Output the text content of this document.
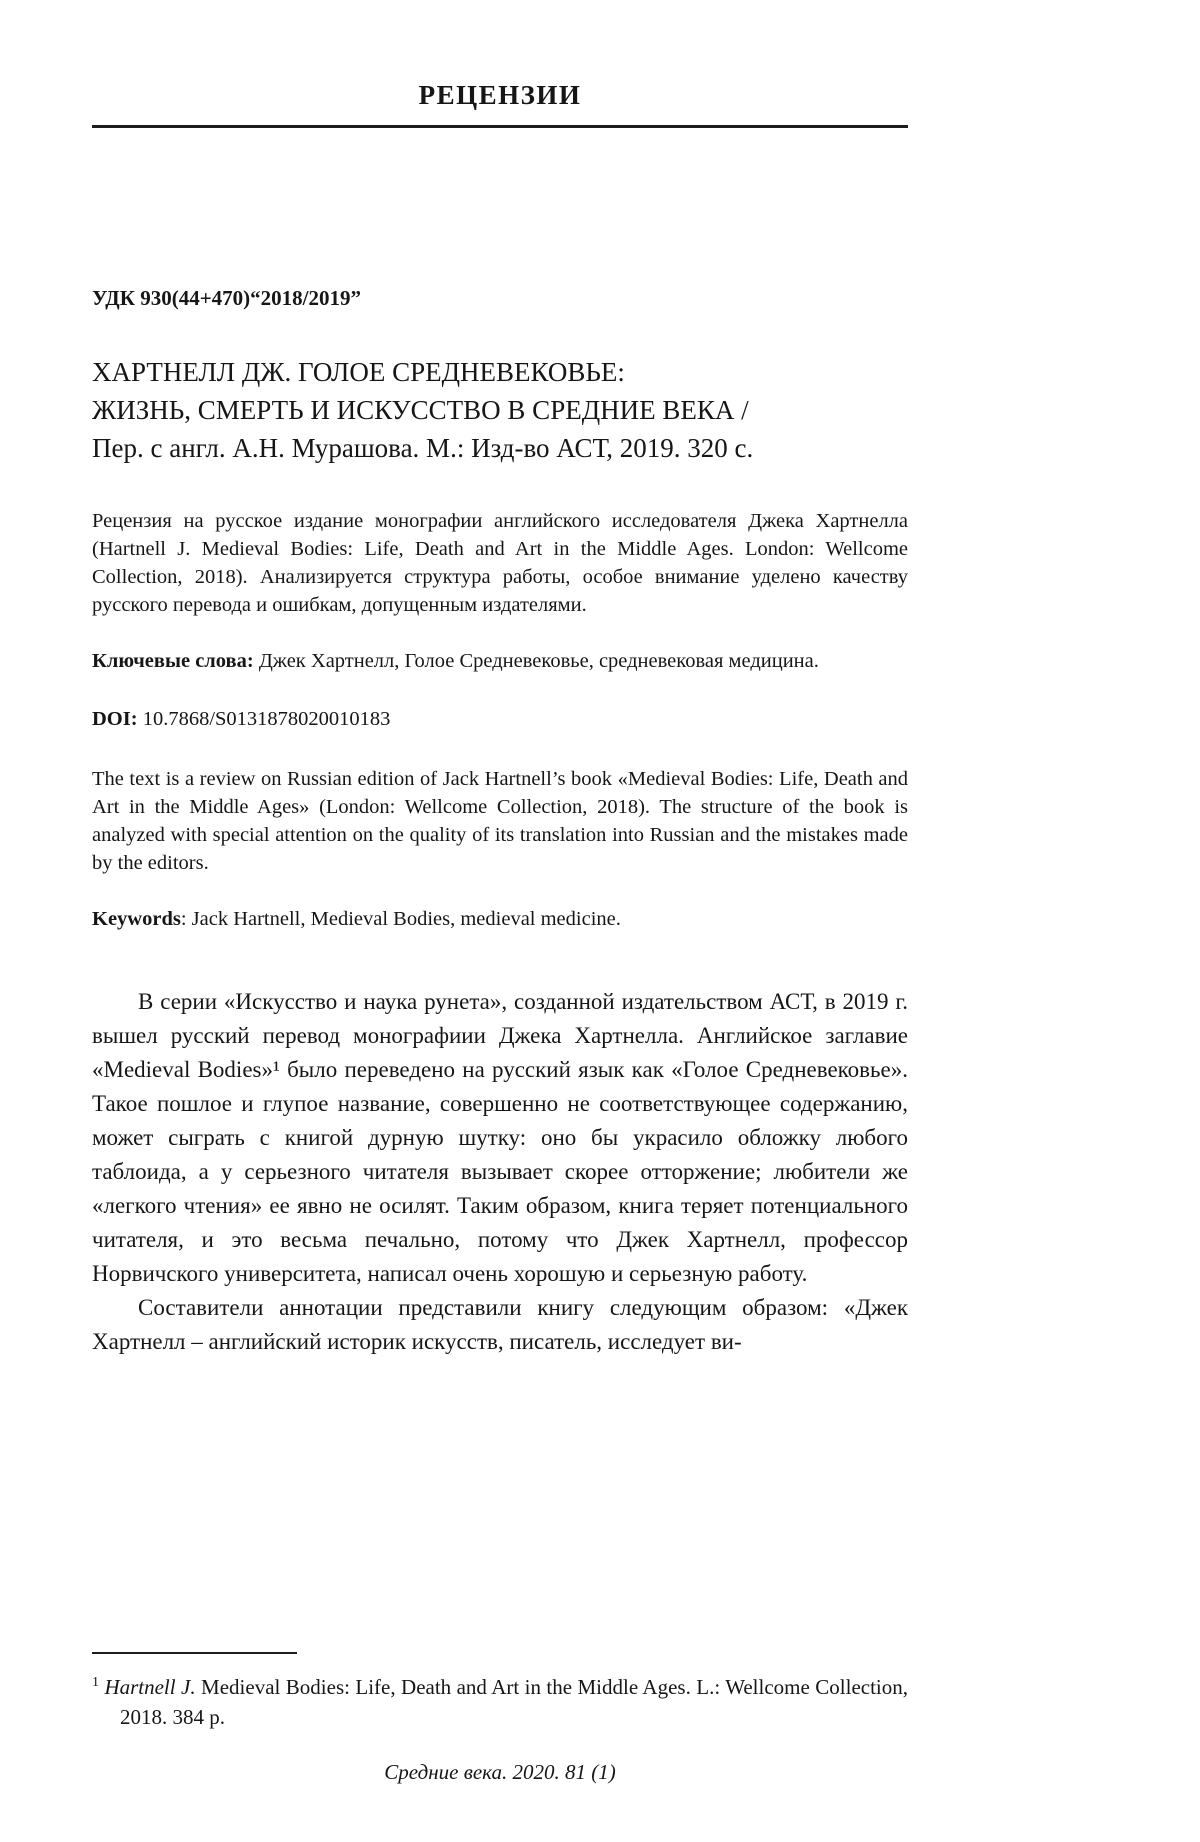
РЕЦЕНЗИИ
УДК 930(44+470)“2018/2019”
ХАРТНЕЛЛ ДЖ. ГОЛОЕ СРЕДНЕВЕКОВЬЕ:
ЖИЗНЬ, СМЕРТЬ И ИСКУССТВО В СРЕДНИЕ ВЕКА /
Пер. с англ. А.Н. Мурашова. М.: Изд-во АСТ, 2019. 320 с.
Рецензия на русское издание монографии английского исследователя Джека Хартнелла (Hartnell J. Medieval Bodies: Life, Death and Art in the Middle Ages. London: Wellcome Collection, 2018). Анализируется структура работы, особое внимание уделено качеству русского перевода и ошибкам, допущенным издателями.
Ключевые слова: Джек Хартнелл, Голое Средневековье, средневековая медицина.
DOI: 10.7868/S0131878020010183
The text is a review on Russian edition of Jack Hartnell’s book «Medieval Bodies: Life, Death and Art in the Middle Ages» (London: Wellcome Collection, 2018). The structure of the book is analyzed with special attention on the quality of its translation into Russian and the mistakes made by the editors.
Keywords: Jack Hartnell, Medieval Bodies, medieval medicine.

В серии «Искусство и наука рунета», созданной издательством АСТ, в 2019 г. вышел русский перевод монографиии Джека Хартнелла. Английское заглавие «Medieval Bodies»¹ было переведено на русский язык как «Голое Средневековье». Такое пошлое и глупое название, совершенно не соответствующее содержанию, может сыграть с книгой дурную шутку: оно бы украсило обложку любого таблоида, а у серьезного читателя вызывает скорее отторжение; любители же «легкого чтения» ее явно не осилят. Таким образом, книга теряет потенциального читателя, и это весьма печально, потому что Джек Хартнелл, профессор Норвичского университета, написал очень хорошую и серьезную работу.

Составители аннотации представили книгу следующим образом: «Джек Хартнелл – английский историк искусств, писатель, исследует ви-

$^1$ Hartnell J. Medieval Bodies: Life, Death and Art in the Middle Ages. L.: Wellcome Collection, 2018. 384 p.
Средние века. 2020. 81 (1)
